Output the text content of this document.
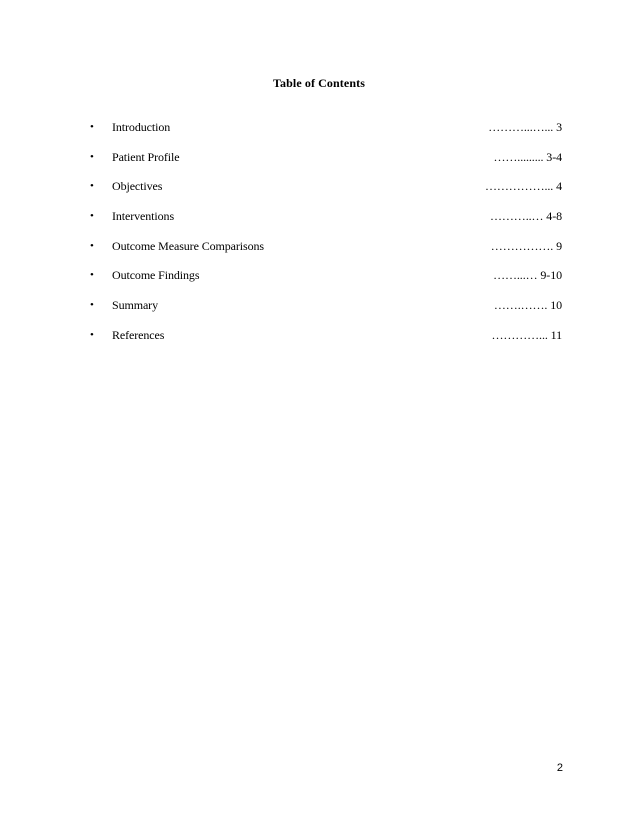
Table of Contents
• Introduction	………...…... 3
• Patient Profile	……......... 3-4
• Objectives	……………... 4
• Interventions	………..… 4-8
• Outcome Measure Comparisons	……………. 9
• Outcome Findings	……...… 9-10
• Summary	…….……. 10
• References	…………... 11
2
